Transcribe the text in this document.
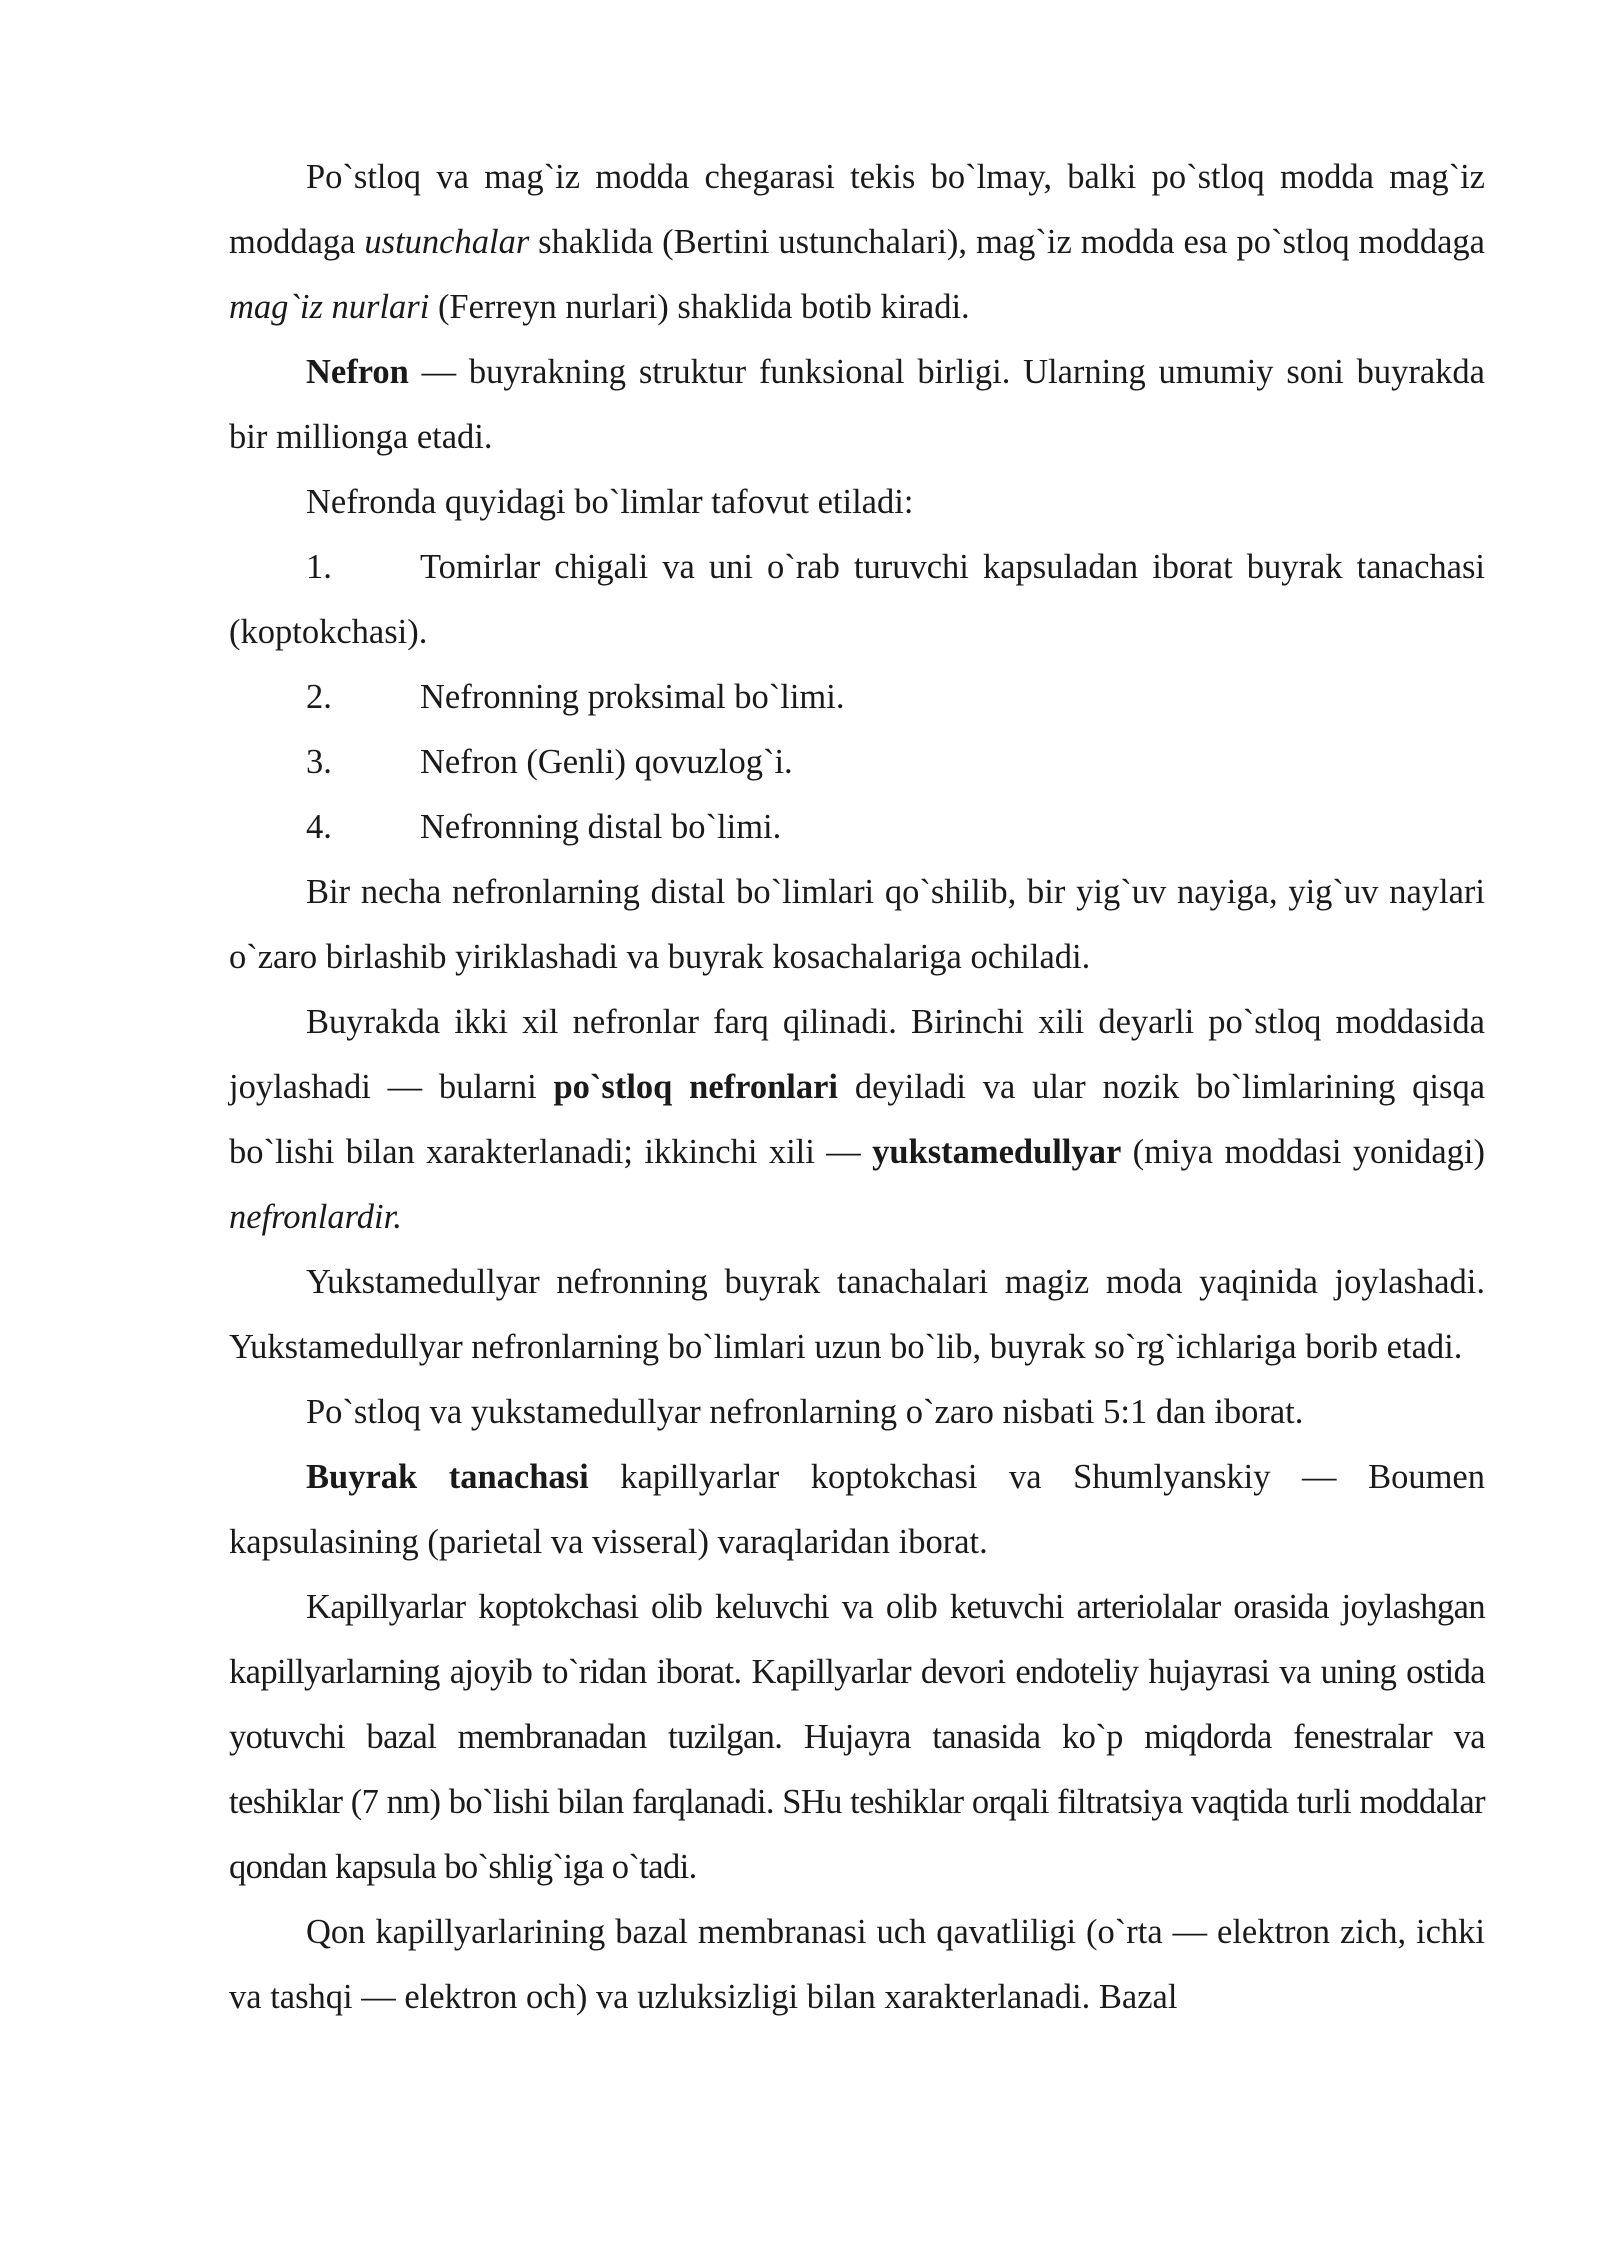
Po`stloq va mag`iz modda chegarasi tekis bo`lmay, balki po`stloq modda mag`iz moddaga ustunchalar shaklida (Bertini ustunchalari), mag`iz modda esa po`stloq moddaga mag`iz nurlari (Ferreyn nurlari) shaklida botib kiradi.

Nefron — buyrakning struktur funksional birligi. Ularning umumiy soni buyrakda bir millionga etadi.

Nefronda quyidagi bo`limlar tafovut etiladi:

1.	Tomirlar chigali va uni o`rab turuvchi kapsuladan iborat buyrak tanachasi (koptokchasi).

2.	Nefronning proksimal bo`limi.

3.	Nefron (Genli) qovuzlog`i.

4.	Nefronning distal bo`limi.

Bir necha nefronlarning distal bo`limlari qo`shilib, bir yig`uv nayiga, yig`uv naylari o`zaro birlashib yiriklashadi va buyrak kosachalariga ochiladi.

Buyrakda ikki xil nefronlar farq qilinadi. Birinchi xili deyarli po`stloq moddasida joylashadi — bularni po`stloq nefronlari deyiladi va ular nozik bo`limlarining qisqa bo`lishi bilan xarakterlanadi; ikkinchi xili — yukstamedullyar (miya moddasi yonidagi) nefronlardir.

Yukstamedullyar nefronning buyrak tanachalari magiz moda yaqinida joylashadi. Yukstamedullyar nefronlarning bo`limlari uzun bo`lib, buyrak so`rg`ichlariga borib etadi.

Po`stloq va yukstamedullyar nefronlarning o`zaro nisbati 5:1 dan iborat.

Buyrak tanachasi kapillyarlar koptokchasi va Shumlyanskiy — Boumen kapsulasining (parietal va visseral) varaqlaridan iborat.

Kapillyarlar koptokchasi olib keluvchi va olib ketuvchi arteriolalar orasida joylashgan kapillyarlarning ajoyib to`ridan iborat. Kapillyarlar devori endoteliy hujayrasi va uning ostida yotuvchi bazal membranadan tuzilgan. Hujayra tanasida ko`p miqdorda fenestralar va teshiklar (7 nm) bo`lishi bilan farqlanadi. SHu teshiklar orqali filtratsiya vaqtida turli moddalar qondan kapsula bo`shlig`iga o`tadi.

Qon kapillyarlarining bazal membranasi uch qavatliligi (o`rta — elektron zich, ichki va tashqi — elektron och) va uzluksizligi bilan xarakterlanadi. Bazal
